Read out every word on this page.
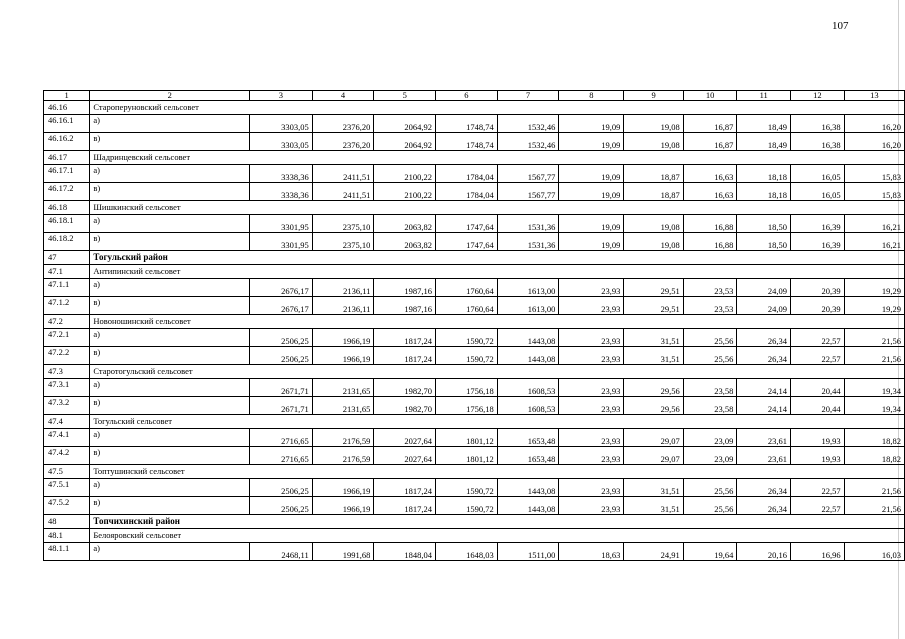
107
1	2	3	4	5	6	7	8	9	10	11	12	13
46.16	Староперуновский сельсовет											
46.16.1	а)	3303,05	2376,20	2064,92	1748,74	1532,46	19,09	19,08	16,87	18,49	16,38	16,20
46.16.2	в)	3303,05	2376,20	2064,92	1748,74	1532,46	19,09	19,08	16,87	18,49	16,38	16,20
46.17	Шадринцевский сельсовет											
46.17.1	а)	3338,36	2411,51	2100,22	1784,04	1567,77	19,09	18,87	16,63	18,18	16,05	15,83
46.17.2	в)	3338,36	2411,51	2100,22	1784,04	1567,77	19,09	18,87	16,63	18,18	16,05	15,83
46.18	Шишкинский сельсовет											
46.18.1	а)	3301,95	2375,10	2063,82	1747,64	1531,36	19,09	19,08	16,88	18,50	16,39	16,21
46.18.2	в)	3301,95	2375,10	2063,82	1747,64	1531,36	19,09	19,08	16,88	18,50	16,39	16,21
47	Тогульский район											
47.1	Антипинский сельсовет											
47.1.1	а)	2676,17	2136,11	1987,16	1760,64	1613,00	23,93	29,51	23,53	24,09	20,39	19,29
47.1.2	в)	2676,17	2136,11	1987,16	1760,64	1613,00	23,93	29,51	23,53	24,09	20,39	19,29
47.2	Новоношинский сельсовет											
47.2.1	а)	2506,25	1966,19	1817,24	1590,72	1443,08	23,93	31,51	25,56	26,34	22,57	21,56
47.2.2	в)	2506,25	1966,19	1817,24	1590,72	1443,08	23,93	31,51	25,56	26,34	22,57	21,56
47.3	Старотогульский сельсовет											
47.3.1	а)	2671,71	2131,65	1982,70	1756,18	1608,53	23,93	29,56	23,58	24,14	20,44	19,34
47.3.2	в)	2671,71	2131,65	1982,70	1756,18	1608,53	23,93	29,56	23,58	24,14	20,44	19,34
47.4	Тогульский сельсовет											
47.4.1	а)	2716,65	2176,59	2027,64	1801,12	1653,48	23,93	29,07	23,09	23,61	19,93	18,82
47.4.2	в)	2716,65	2176,59	2027,64	1801,12	1653,48	23,93	29,07	23,09	23,61	19,93	18,82
47.5	Топтушинский сельсовет											
47.5.1	а)	2506,25	1966,19	1817,24	1590,72	1443,08	23,93	31,51	25,56	26,34	22,57	21,56
47.5.2	в)	2506,25	1966,19	1817,24	1590,72	1443,08	23,93	31,51	25,56	26,34	22,57	21,56
48	Топчихинский район											
48.1	Белояровский сельсовет											
48.1.1	а)	2468,11	1991,68	1848,04	1648,03	1511,00	18,63	24,91	19,64	20,16	16,96	16,03
